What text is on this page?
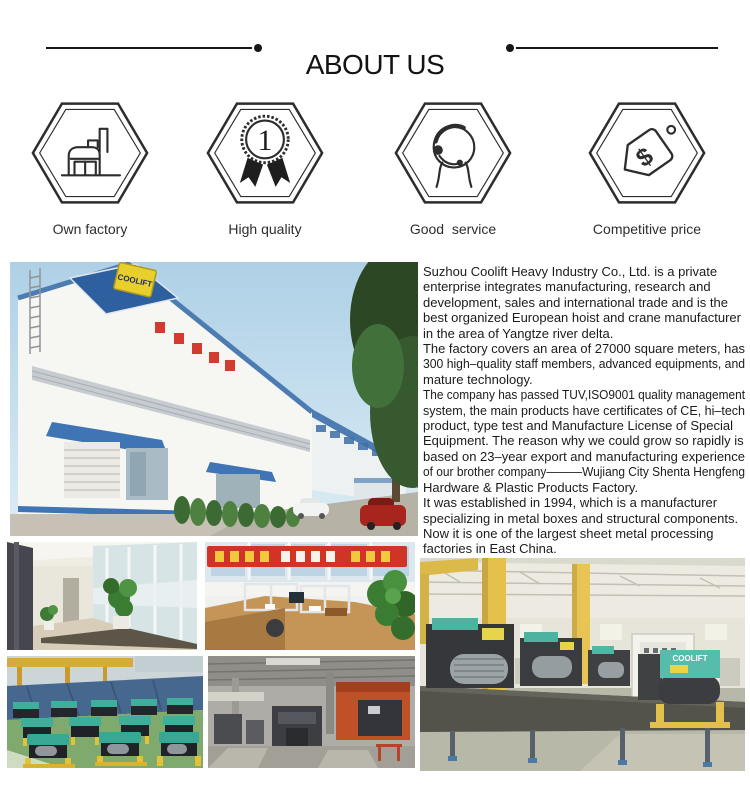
ABOUT US
Own factory
1
High quality	Good  service
$
Competitive price
COOLIFT
Suzhou Coolift Heavy Industry Co., Ltd. is a private
enterprise integrates manufacturing, research and
development, sales and international trade and is the
best organized European hoist and crane manufacturer
in the area of Yangtze river delta.
The factory covers an area of 27000 square meters, has
300 high–quality staff members, advanced equipments, and
mature technology.
The company has passed TUV,ISO9001 quality management
system, the main products have certificates of CE, hi–tech
product, type test and Manufacture License of Special
Equipment. The reason why we could grow so rapidly is
based on 23–year export and manufacturing experience
of our brother company———Wujiang City Shenta Hengfeng
Hardware & Plastic Products Factory.
It was established in 1994, which is a manufacturer
specializing in metal boxes and structural components.
Now it is one of the largest sheet metal processing
factories in East China.
COOLIFT
